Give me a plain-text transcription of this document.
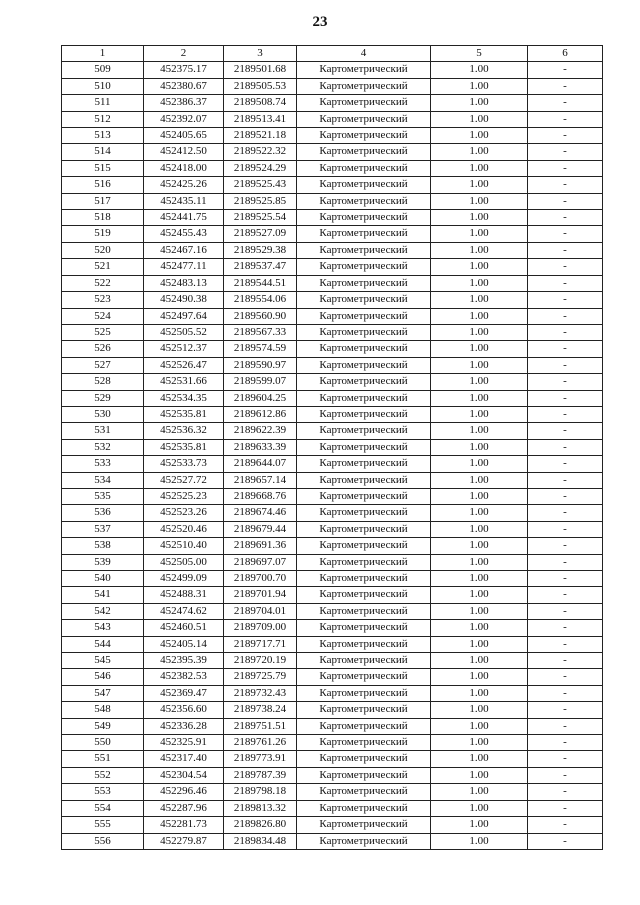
23
1	2	3	4	5	6
509	452375.17	2189501.68	Картометрический	1.00	-
510	452380.67	2189505.53	Картометрический	1.00	-
511	452386.37	2189508.74	Картометрический	1.00	-
512	452392.07	2189513.41	Картометрический	1.00	-
513	452405.65	2189521.18	Картометрический	1.00	-
514	452412.50	2189522.32	Картометрический	1.00	-
515	452418.00	2189524.29	Картометрический	1.00	-
516	452425.26	2189525.43	Картометрический	1.00	-
517	452435.11	2189525.85	Картометрический	1.00	-
518	452441.75	2189525.54	Картометрический	1.00	-
519	452455.43	2189527.09	Картометрический	1.00	-
520	452467.16	2189529.38	Картометрический	1.00	-
521	452477.11	2189537.47	Картометрический	1.00	-
522	452483.13	2189544.51	Картометрический	1.00	-
523	452490.38	2189554.06	Картометрический	1.00	-
524	452497.64	2189560.90	Картометрический	1.00	-
525	452505.52	2189567.33	Картометрический	1.00	-
526	452512.37	2189574.59	Картометрический	1.00	-
527	452526.47	2189590.97	Картометрический	1.00	-
528	452531.66	2189599.07	Картометрический	1.00	-
529	452534.35	2189604.25	Картометрический	1.00	-
530	452535.81	2189612.86	Картометрический	1.00	-
531	452536.32	2189622.39	Картометрический	1.00	-
532	452535.81	2189633.39	Картометрический	1.00	-
533	452533.73	2189644.07	Картометрический	1.00	-
534	452527.72	2189657.14	Картометрический	1.00	-
535	452525.23	2189668.76	Картометрический	1.00	-
536	452523.26	2189674.46	Картометрический	1.00	-
537	452520.46	2189679.44	Картометрический	1.00	-
538	452510.40	2189691.36	Картометрический	1.00	-
539	452505.00	2189697.07	Картометрический	1.00	-
540	452499.09	2189700.70	Картометрический	1.00	-
541	452488.31	2189701.94	Картометрический	1.00	-
542	452474.62	2189704.01	Картометрический	1.00	-
543	452460.51	2189709.00	Картометрический	1.00	-
544	452405.14	2189717.71	Картометрический	1.00	-
545	452395.39	2189720.19	Картометрический	1.00	-
546	452382.53	2189725.79	Картометрический	1.00	-
547	452369.47	2189732.43	Картометрический	1.00	-
548	452356.60	2189738.24	Картометрический	1.00	-
549	452336.28	2189751.51	Картометрический	1.00	-
550	452325.91	2189761.26	Картометрический	1.00	-
551	452317.40	2189773.91	Картометрический	1.00	-
552	452304.54	2189787.39	Картометрический	1.00	-
553	452296.46	2189798.18	Картометрический	1.00	-
554	452287.96	2189813.32	Картометрический	1.00	-
555	452281.73	2189826.80	Картометрический	1.00	-
556	452279.87	2189834.48	Картометрический	1.00	-
